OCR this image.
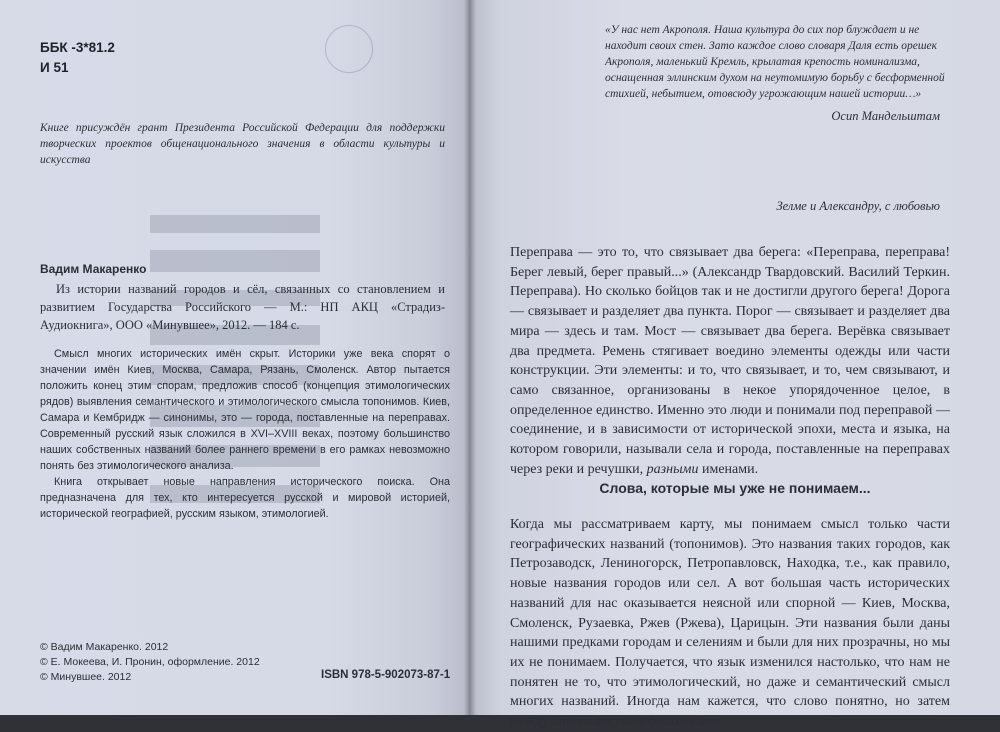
ББК -3*81.2
И 51
Книге присуждён грант Президента Российской Федерации для поддержки творческих проектов общенационального значения в области культуры и искусства
Вадим Макаренко
Из истории названий городов и сёл, связанных со становлением и развитием Государства Российского — М.: НП АКЦ «Страдиз-Аудиокнига», ООО «Минувшее», 2012. — 184 с.

Смысл многих исторических имён скрыт. Историки уже века спорят о значении имён Киев, Москва, Самара, Рязань, Смоленск. Автор пытается положить конец этим спорам, предложив способ (концепция этимологических рядов) выявления семантического и этимологического смысла топонимов. Киев, Самара и Кембридж — синонимы, это — города, поставленные на переправах. Современный русский язык сложился в XVI–XVIII веках, поэтому большинство наших собственных названий более раннего времени в его рамках невозможно понять без этимологического анализа.

Книга открывает новые направления исторического поиска. Она предназначена для тех, кто интересуется русской и мировой историей, исторической географией, русским языком, этимологией.

© Вадим Макаренко. 2012
© Е. Мокеева, И. Пронин, оформление. 2012
© Минувшее. 2012	ISBN 978-5-902073-87-1
«У нас нет Акрополя. Наша культура до сих пор блуждает и не находит своих стен. Зато каждое слово словаря Даля есть орешек Акрополя, маленький Кремль, крылатая крепость номинализма, оснащенная эллинским духом на неутомимую борьбу с бесформенной стихией, небытием, отовсюду угрожающим нашей истории…»
Осип Мандельштам
Зелме и Александру, с любовью
Переправа — это то, что связывает два берега: «Переправа, переправа! Берег левый, берег правый...» (Александр Твардовский. Василий Теркин. Переправа). Но сколько бойцов так и не достигли другого берега! Дорога — связывает и разделяет два пункта. Порог — связывает и разделяет два мира — здесь и там. Мост — связывает два берега. Верёвка связывает два предмета. Ремень стягивает воедино элементы одежды или части конструкции. Эти элементы: и то, что связывает, и то, чем связывают, и само связанное, организованы в некое упорядоченное целое, в определенное единство. Именно это люди и понимали под переправой — соединение, и в зависимости от исторической эпохи, места и языка, на котором говорили, называли села и города, поставленные на переправах через реки и речушки, разными именами.
Слова, которые мы уже не понимаем...
Когда мы рассматриваем карту, мы понимаем смысл только части географических названий (топонимов). Это названия таких городов, как Петрозаводск, Лениногорск, Петропавловск, Находка, т.е., как правило, новые названия городов или сел. А вот большая часть исторических названий для нас оказывается неясной или спорной — Киев, Москва, Смоленск, Рузаевка, Ржев (Ржева), Царицын. Эти названия были даны нашими предками городам и селениям и были для них прозрачны, но мы их не понимаем. Получается, что язык изменился настолько, что нам не понятен не то, что этимологический, но даже и семантический смысл многих названий. Иногда нам кажется, что слово понятно, но затем между специалистами-филологами
